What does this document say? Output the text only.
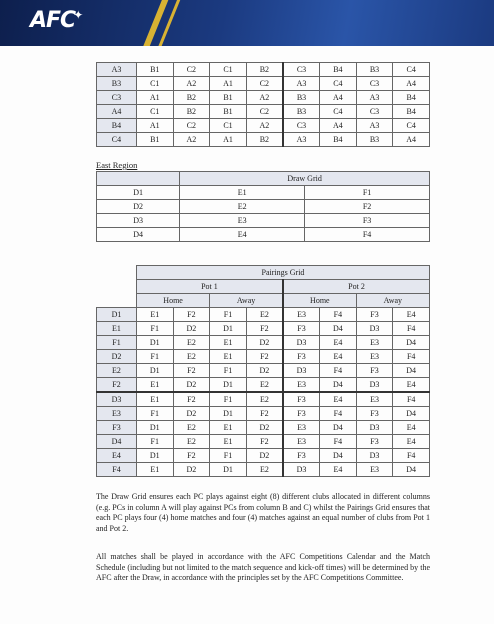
AFC✦
A3	B1	C2	C1	B2	C3	B4	B3	C4
B3	C1	A2	A1	C2	A3	C4	C3	A4
C3	A1	B2	B1	A2	B3	A4	A3	B4
A4	C1	B2	B1	C2	B3	C4	C3	B4
B4	A1	C2	C1	A2	C3	A4	A3	C4
C4	B1	A2	A1	B2	A3	B4	B3	A4
East Region
	Draw Grid	
D1	E1	F1
D2	E2	F2
D3	E3	F3
D4	E4	F4
	Pairings Grid							
	Pot 1				Pot 2			
	Home		Away		Home		Away	
D1	E1	F2	F1	E2	E3	F4	F3	E4
E1	F1	D2	D1	F2	F3	D4	D3	F4
F1	D1	E2	E1	D2	D3	E4	E3	D4
D2	F1	E2	E1	F2	F3	E4	E3	F4
E2	D1	F2	F1	D2	D3	F4	F3	D4
F2	E1	D2	D1	E2	E3	D4	D3	E4
D3	E1	F2	F1	E2	F3	E4	E3	F4
E3	F1	D2	D1	F2	F3	F4	F3	D4
F3	D1	E2	E1	D2	E3	D4	D3	E4
D4	F1	E2	E1	F2	E3	F4	F3	E4
E4	D1	F2	F1	D2	F3	D4	D3	F4
F4	E1	D2	D1	E2	D3	E4	E3	D4

The Draw Grid ensures each PC plays against eight (8) different clubs allocated in different columns (e.g. PCs in column A will play against PCs from column B and C) whilst the Pairings Grid ensures that each PC plays four (4) home matches and four (4) matches against an equal number of clubs from Pot 1 and Pot 2.

All matches shall be played in accordance with the AFC Competitions Calendar and the Match Schedule (including but not limited to the match sequence and kick-off times) will be determined by the AFC after the Draw, in accordance with the principles set by the AFC Competitions Committee.
